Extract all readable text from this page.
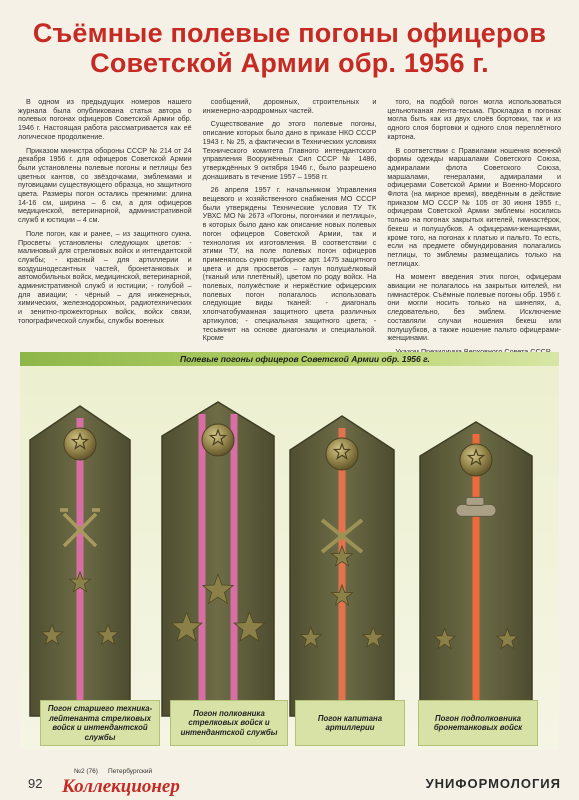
Съёмные полевые погоны офицеров
Советской Армии обр. 1956 г.

В одном из предыдущих номеров нашего журнала была опубликована статья автора о полевых погонах офицеров Советской Армии обр. 1946 г. Настоящая работа рассматривается как её логическое продолжение.

Приказом министра обороны СССР № 214 от 24 декабря 1956 г. для офицеров Советской Армии были установлены полевые погоны и петлицы без цветных кантов, со звёздочками, эмблемами и пуговицами существующего образца, но защитного цвета. Размеры погон остались прежними: длина 14-16 см, ширина – 6 см, а для офицеров медицинской, ветеринарной, административной служб и юстиции – 4 см.

Поле погон, как и ранее, – из защитного сукна. Просветы установлены следующих цветов: - малиновый для стрелковых войск и интендантской службы; - красный – для артиллерии и воздушнодесантных частей, бронетанковых и автомобильных войск, медицинской, ветеринарной, административной служб и юстиции; - голубой – для авиации; - чёрный – для инженерных, химических, железнодорожных, радиотехнических и зенитно-прожекторных войск, войск связи, топографической службы, службы военных

сообщений, дорожных, строительных и инженерно-аэродромных частей.

Существование до этого полевые погоны, описание которых было дано в приказе НКО СССР 1943 г. № 25, а фактически в Технических условиях Технического комитета Главного интендантского управления Вооружённых Сил СССР № 1486, утверждённых 9 октября 1946 г., было разрешено донашивать в течение 1957 – 1958 гг.

26 апреля 1957 г. начальником Управления вещевого и хозяйственного снабжения МО СССР были утверждены Технические условия ТУ ТК УВХС МО № 2673 «Погоны, погончики и петлицы», в которых было дано как описание новых полевых погон офицеров Советской Армии, так и технология их изготовления. В соответствии с этими ТУ, на поле полевых погон офицеров применялось сукно приборное арт. 1475 защитного цвета и для просветов – галун полушёлковый (тканый или плетёный), цветом по роду войск. На полевых, полужёсткие и нержёсткие офицерских полевых погон полагалось использовать следующие виды тканей: - диагональ хлопчатобумажная защитного цвета различных артикулов; - специальная защитного цвета; - тесьвинит на основе диагонали и специальной. Кроме

того, на подбой погон могла использоваться цельнотканая лента-тесьма. Прокладка в погонах могла быть как из двух слоёв бортовки, так и из одного слоя бортовки и одного слоя переплётного картона.

В соответствии с Правилами ношения военной формы одежды маршалами Советского Союза, адмиралами флота Советского Союза, маршалами, генералами, адмиралами и офицерами Советской Армии и Военно-Морского Флота (на мирное время), введённым в действие приказом МО СССР № 105 от 30 июня 1955 г., офицерам Советской Армии эмблемы носились только на погонах закрытых кителей, гимнастёрок, бекеш и полушубков. А офицерами-женщинами, кроме того, на погонах к платью и пальто. То есть, если на предмете обмундирования полагались петлицы, то эмблемы размещались только на петлицах.

На момент введения этих погон, офицерам авиации не полагалось на закрытых кителей, ни гимнастёрок. Съёмные полевые погоны обр. 1956 г. они могли носить только на шинелях, а, следовательно, без эмблем. Исключение составляли случаи ношения бекеш или полушубков, а также ношение пальто офицерами-женщинами.

Полевые погоны офицеров Советской Армии обр. 1956 г.
Погон старшего техника-лейтенанта стрелковых войск и интендантской службы
Погон полковника стрелковых войск и интендантской службы
Погон капитана артиллерии
Погон подполковника бронетанковых войск
92
№2 (76) Петербургский
Коллекционер	УНИФОРМОЛОГИЯ
